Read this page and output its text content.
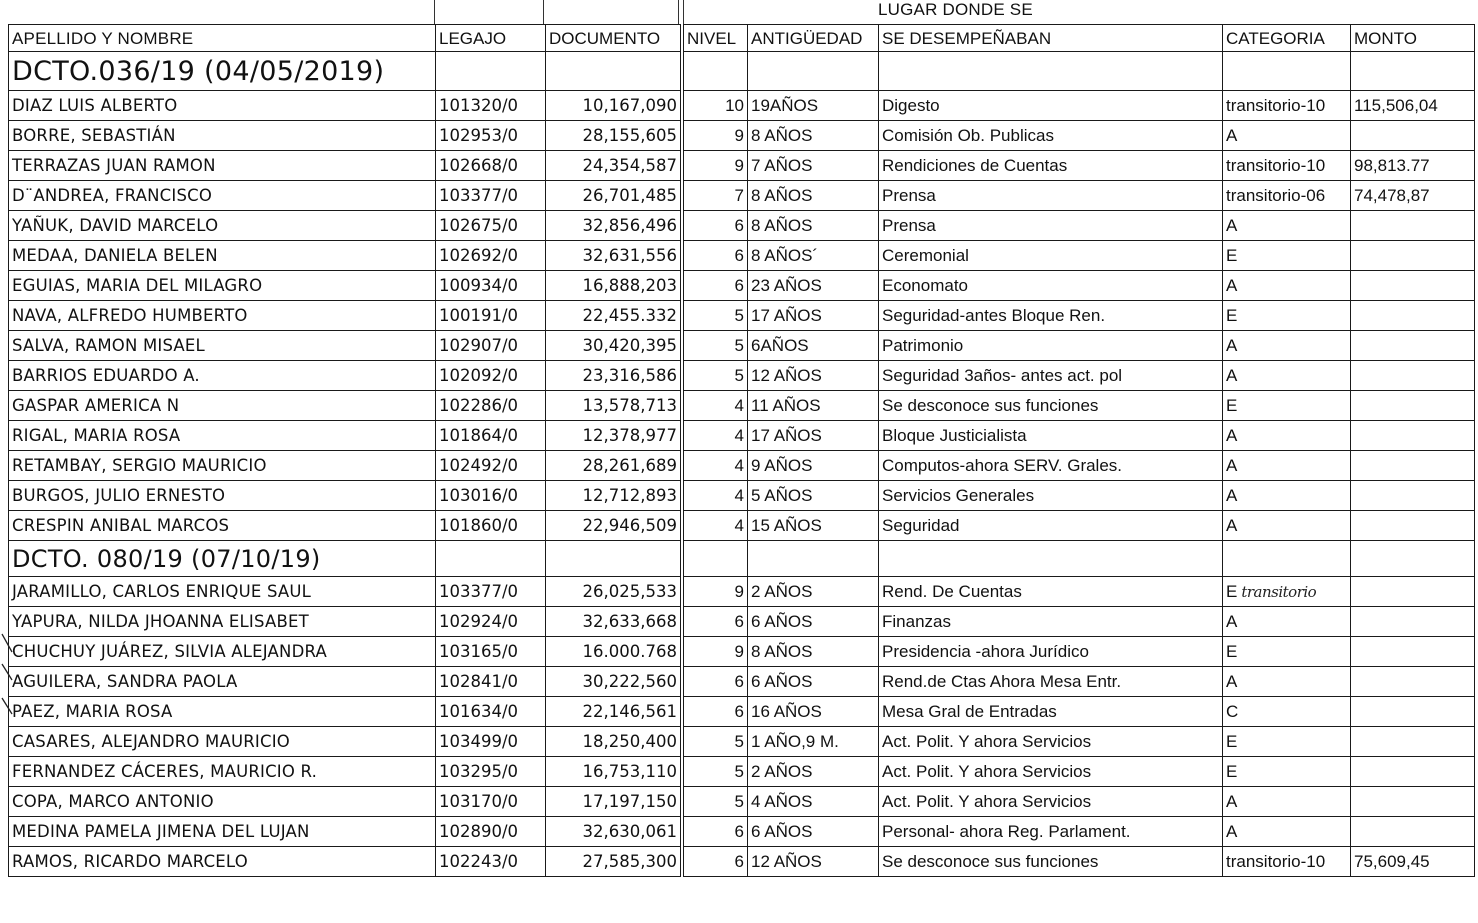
LUGAR DONDE SE
APELLIDO Y NOMBRE	LEGAJO	DOCUMENTO	NIVEL	ANTIGÜEDAD	SE DESEMPEÑABAN	CATEGORIA	MONTO
DCTO.036/19 (04/05/2019)							
DIAZ LUIS ALBERTO	101320/0	10,167,090	10	19AÑOS	Digesto	transitorio-10	115,506,04
BORRE, SEBASTIÁN	102953/0	28,155,605	9	8 AÑOS	Comisión Ob. Publicas	A	
TERRAZAS JUAN RAMON	102668/0	24,354,587	9	7 AÑOS	Rendiciones de Cuentas	transitorio-10	98,813.77
D¨ANDREA, FRANCISCO	103377/0	26,701,485	7	8 AÑOS	Prensa	transitorio-06	74,478,87
YAÑUK, DAVID MARCELO	102675/0	32,856,496	6	8 AÑOS	Prensa	A	
MEDAA, DANIELA BELEN	102692/0	32,631,556	6	8 AÑOS´	Ceremonial	E	
EGUIAS, MARIA DEL MILAGRO	100934/0	16,888,203	6	23 AÑOS	Economato	A	
NAVA, ALFREDO HUMBERTO	100191/0	22,455.332	5	17 AÑOS	Seguridad-antes Bloque Ren.	E	
SALVA, RAMON MISAEL	102907/0	30,420,395	5	6AÑOS	Patrimonio	A	
BARRIOS EDUARDO A.	102092/0	23,316,586	5	12 AÑOS	Seguridad 3años- antes act. pol	A	
GASPAR AMERICA N	102286/0	13,578,713	4	11 AÑOS	Se desconoce sus funciones	E	
RIGAL, MARIA ROSA	101864/0	12,378,977	4	17 AÑOS	Bloque Justicialista	A	
RETAMBAY, SERGIO MAURICIO	102492/0	28,261,689	4	9 AÑOS	Computos-ahora SERV. Grales.	A	
BURGOS, JULIO ERNESTO	103016/0	12,712,893	4	5 AÑOS	Servicios Generales	A	
CRESPIN ANIBAL MARCOS	101860/0	22,946,509	4	15 AÑOS	Seguridad	A	
DCTO. 080/19 (07/10/19)							
JARAMILLO, CARLOS ENRIQUE SAUL	103377/0	26,025,533	9	2 AÑOS	Rend. De Cuentas	E transitorio	
YAPURA, NILDA JHOANNA ELISABET	102924/0	32,633,668	6	6 AÑOS	Finanzas	A	
CHUCHUY JUÁREZ, SILVIA ALEJANDRA	103165/0	16.000.768	9	8 AÑOS	Presidencia -ahora Jurídico	E	
AGUILERA, SANDRA PAOLA	102841/0	30,222,560	6	6 AÑOS	Rend.de Ctas Ahora Mesa Entr.	A	
PAEZ, MARIA ROSA	101634/0	22,146,561	6	16 AÑOS	Mesa Gral de Entradas	C	
CASARES, ALEJANDRO MAURICIO	103499/0	18,250,400	5	1 AÑO,9 M.	Act. Polit. Y ahora Servicios	E	
FERNANDEZ CÁCERES, MAURICIO R.	103295/0	16,753,110	5	2 AÑOS	Act. Polit. Y ahora Servicios	E	
COPA, MARCO ANTONIO	103170/0	17,197,150	5	4 AÑOS	Act. Polit. Y ahora Servicios	A	
MEDINA PAMELA JIMENA DEL LUJAN	102890/0	32,630,061	6	6 AÑOS	Personal- ahora Reg. Parlament.	A	
RAMOS, RICARDO MARCELO	102243/0	27,585,300	6	12 AÑOS	Se desconoce sus funciones	transitorio-10	75,609,45
